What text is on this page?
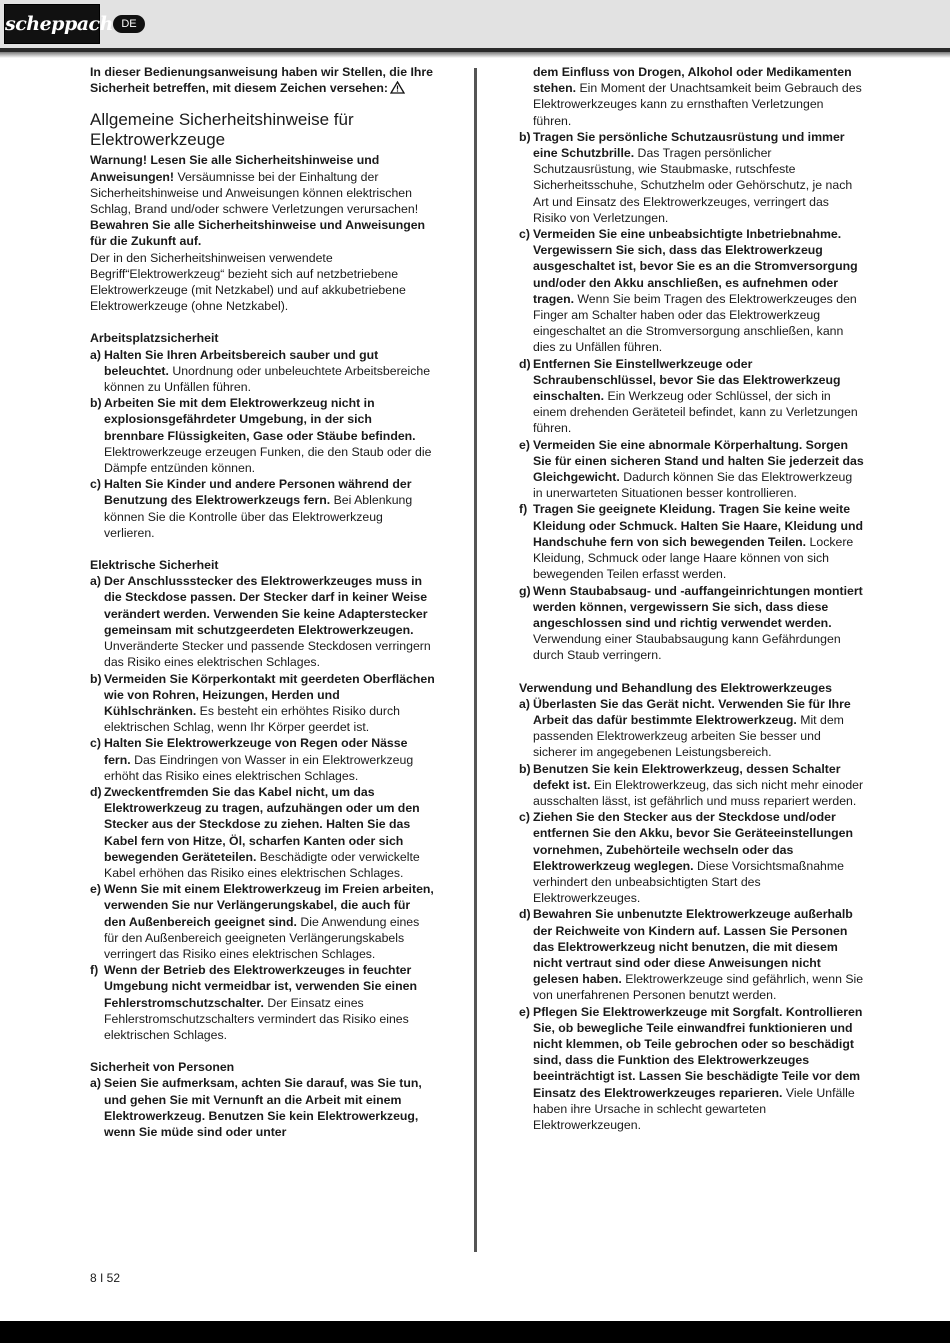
scheppach DE

In dieser Bedienungsanweisung haben wir Stellen, die Ihre Sicherheit betreffen, mit diesem Zeichen versehen:

Allgemeine Sicherheitshinweise für Elektrowerkzeuge

Warnung! Lesen Sie alle Sicherheitshinweise und Anweisungen! Versäumnisse bei der Einhaltung der Sicherheitshinweise und Anweisungen können elektrischen Schlag, Brand und/oder schwere Verletzungen verursachen!

Bewahren Sie alle Sicherheitshinweise und Anweisungen für die Zukunft auf.

Der in den Sicherheitshinweisen verwendete Begriff“Elektrowerkzeug“ bezieht sich auf netzbetriebene Elektrowerkzeuge (mit Netzkabel) und auf akkubetriebene Elektrowerkzeuge (ohne Netzkabel).

Arbeitsplatzsicherheit

a) Halten Sie Ihren Arbeitsbereich sauber und gut beleuchtet. Unordnung oder unbeleuchtete Arbeitsbereiche können zu Unfällen führen.
b) Arbeiten Sie mit dem Elektrowerkzeug nicht in explosionsgefährdeter Umgebung, in der sich brennbare Flüssigkeiten, Gase oder Stäube befinden. Elektrowerkzeuge erzeugen Funken, die den Staub oder die Dämpfe entzünden können.
c) Halten Sie Kinder und andere Personen während der Benutzung des Elektrowerkzeugs fern. Bei Ablenkung können Sie die Kontrolle über das Elektrowerkzeug verlieren.

Elektrische Sicherheit

a) Der Anschlussstecker des Elektrowerkzeuges muss in die Steckdose passen. Der Stecker darf in keiner Weise verändert werden. Verwenden Sie keine Adapterstecker gemeinsam mit schutzgeerdeten Elektrowerkzeugen. Unveränderte Stecker und passende Steckdosen verringern das Risiko eines elektrischen Schlages.
b) Vermeiden Sie Körperkontakt mit geerdeten Oberflächen wie von Rohren, Heizungen, Herden und Kühlschränken. Es besteht ein erhöhtes Risiko durch elektrischen Schlag, wenn Ihr Körper geerdet ist.
c) Halten Sie Elektrowerkzeuge von Regen oder Nässe fern. Das Eindringen von Wasser in ein Elektrowerkzeug erhöht das Risiko eines elektrischen Schlages.
d) Zweckentfremden Sie das Kabel nicht, um das Elektrowerkzeug zu tragen, aufzuhängen oder um den Stecker aus der Steckdose zu ziehen. Halten Sie das Kabel fern von Hitze, Öl, scharfen Kanten oder sich bewegenden Geräteteilen. Beschädigte oder verwickelte Kabel erhöhen das Risiko eines elektrischen Schlages.
e) Wenn Sie mit einem Elektrowerkzeug im Freien arbeiten, verwenden Sie nur Verlängerungskabel, die auch für den Außenbereich geeignet sind. Die Anwendung eines für den Außenbereich geeigneten Verlängerungskabels verringert das Risiko eines elektrischen Schlages.
f) Wenn der Betrieb des Elektrowerkzeuges in feuchter Umgebung nicht vermeidbar ist, verwenden Sie einen Fehlerstromschutzschalter. Der Einsatz eines Fehlerstromschutzschalters vermindert das Risiko eines elektrischen Schlages.

Sicherheit von Personen

a) Seien Sie aufmerksam, achten Sie darauf, was Sie tun, und gehen Sie mit Vernunft an die Arbeit mit einem Elektrowerkzeug. Benutzen Sie kein Elektrowerkzeug, wenn Sie müde sind oder unter
dem Einfluss von Drogen, Alkohol oder Medikamenten stehen. Ein Moment der Unachtsamkeit beim Gebrauch des Elektrowerkzeuges kann zu ernsthaften Verletzungen führen.
b) Tragen Sie persönliche Schutzausrüstung und immer eine Schutzbrille. Das Tragen persönlicher Schutzausrüstung, wie Staubmaske, rutschfeste Sicherheitsschuhe, Schutzhelm oder Gehörschutz, je nach Art und Einsatz des Elektrowerkzeuges, verringert das Risiko von Verletzungen.
c) Vermeiden Sie eine unbeabsichtigte Inbetriebnahme. Vergewissern Sie sich, dass das Elektrowerkzeug ausgeschaltet ist, bevor Sie es an die Stromversorgung und/oder den Akku anschließen, es aufnehmen oder tragen. Wenn Sie beim Tragen des Elektrowerkzeuges den Finger am Schalter haben oder das Elektrowerkzeug eingeschaltet an die Stromversorgung anschließen, kann dies zu Unfällen führen.
d) Entfernen Sie Einstellwerkzeuge oder Schraubenschlüssel, bevor Sie das Elektrowerkzeug einschalten. Ein Werkzeug oder Schlüssel, der sich in einem drehenden Geräteteil befindet, kann zu Verletzungen führen.
e) Vermeiden Sie eine abnormale Körperhaltung. Sorgen Sie für einen sicheren Stand und halten Sie jederzeit das Gleichgewicht. Dadurch können Sie das Elektrowerkzeug in unerwarteten Situationen besser kontrollieren.
f) Tragen Sie geeignete Kleidung. Tragen Sie keine weite Kleidung oder Schmuck. Halten Sie Haare, Kleidung und Handschuhe fern von sich bewegenden Teilen. Lockere Kleidung, Schmuck oder lange Haare können von sich bewegenden Teilen erfasst werden.
g) Wenn Staubabsaug- und -auffangeinrichtungen montiert werden können, vergewissern Sie sich, dass diese angeschlossen sind und richtig verwendet werden. Verwendung einer Staubabsaugung kann Gefährdungen durch Staub verringern.

Verwendung und Behandlung des Elektrowerkzeuges

a) Überlasten Sie das Gerät nicht. Verwenden Sie für Ihre Arbeit das dafür bestimmte Elektrowerkzeug. Mit dem passenden Elektrowerkzeug arbeiten Sie besser und sicherer im angegebenen Leistungsbereich.
b) Benutzen Sie kein Elektrowerkzeug, dessen Schalter defekt ist. Ein Elektrowerkzeug, das sich nicht mehr einoder ausschalten lässt, ist gefährlich und muss repariert werden.
c) Ziehen Sie den Stecker aus der Steckdose und/oder entfernen Sie den Akku, bevor Sie Geräteeinstellungen vornehmen, Zubehörteile wechseln oder das Elektrowerkzeug weglegen. Diese Vorsichtsmaßnahme verhindert den unbeabsichtigten Start des Elektrowerkzeuges.
d) Bewahren Sie unbenutzte Elektrowerkzeuge außerhalb der Reichweite von Kindern auf. Lassen Sie Personen das Elektrowerkzeug nicht benutzen, die mit diesem nicht vertraut sind oder diese Anweisungen nicht gelesen haben. Elektrowerkzeuge sind gefährlich, wenn Sie von unerfahrenen Personen benutzt werden.
e) Pflegen Sie Elektrowerkzeuge mit Sorgfalt. Kontrollieren Sie, ob bewegliche Teile einwandfrei funktionieren und nicht klemmen, ob Teile gebrochen oder so beschädigt sind, dass die Funktion des Elektrowerkzeuges beeinträchtigt ist. Lassen Sie beschädigte Teile vor dem Einsatz des Elektrowerkzeuges reparieren. Viele Unfälle haben ihre Ursache in schlecht gewarteten Elektrowerkzeugen.
8 I 52
